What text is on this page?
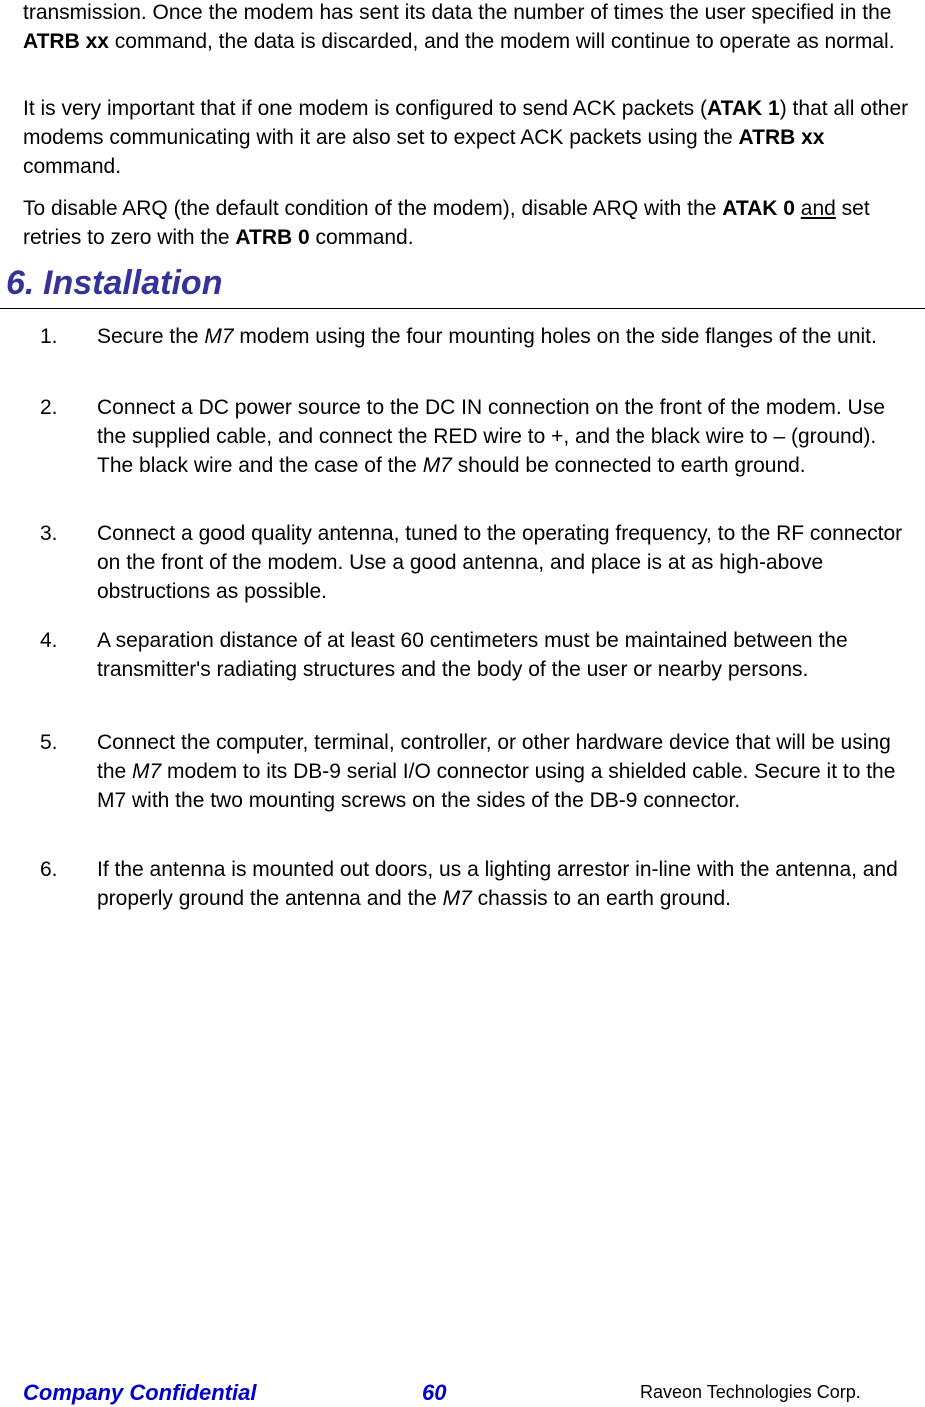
transmission. Once the modem has sent its data the number of times the user specified in the ATRB xx command, the data is discarded, and the modem will continue to operate as normal.

It is very important that if one modem is configured to send ACK packets (ATAK 1) that all other modems communicating with it are also set to expect ACK packets using the ATRB xx command.

To disable ARQ (the default condition of the modem), disable ARQ with the ATAK 0 and set retries to zero with the ATRB 0 command.

6. Installation
1. Secure the M7 modem using the four mounting holes on the side flanges of the unit.
2. Connect a DC power source to the DC IN connection on the front of the modem. Use the supplied cable, and connect the RED wire to +, and the black wire to – (ground). The black wire and the case of the M7 should be connected to earth ground.
3. Connect a good quality antenna, tuned to the operating frequency, to the RF connector on the front of the modem. Use a good antenna, and place is at as high-above obstructions as possible.
4. A separation distance of at least 60 centimeters must be maintained between the transmitter's radiating structures and the body of the user or nearby persons.
5. Connect the computer, terminal, controller, or other hardware device that will be using the M7 modem to its DB-9 serial I/O connector using a shielded cable. Secure it to the M7 with the two mounting screws on the sides of the DB-9 connector.
6. If the antenna is mounted out doors, us a lighting arrestor in-line with the antenna, and properly ground the antenna and the M7 chassis to an earth ground.
Company Confidential	60	Raveon Technologies Corp.
